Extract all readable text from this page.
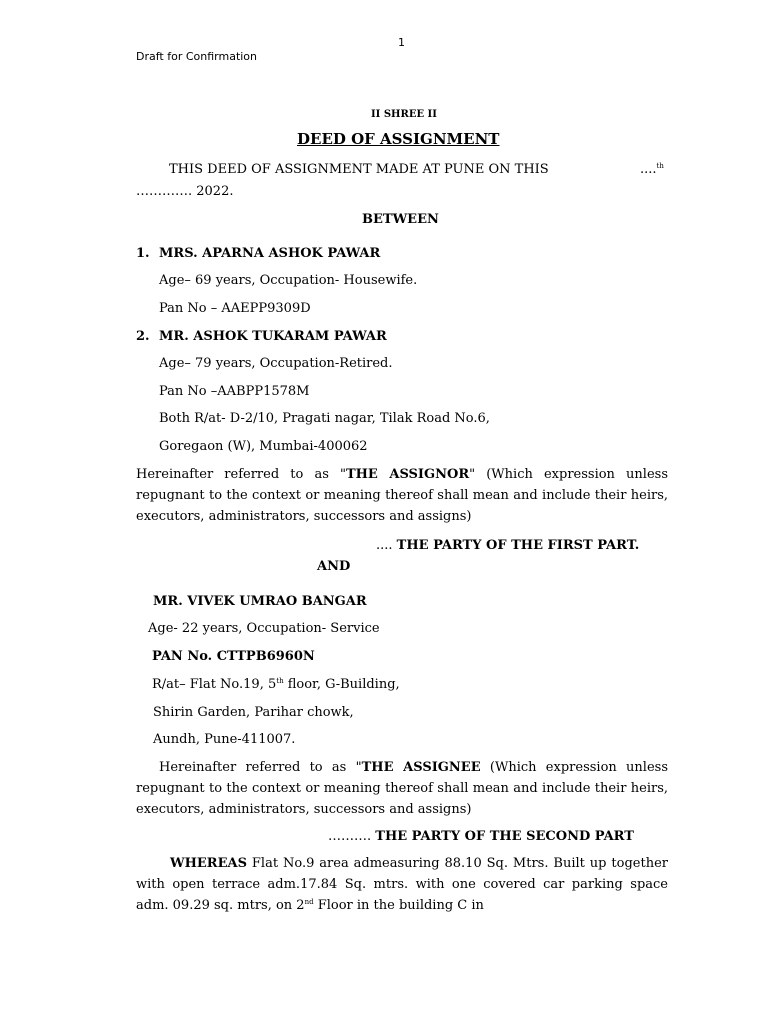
1
Draft for Confirmation
II SHREE II
DEED OF ASSIGNMENT
THIS DEED OF ASSIGNMENT MADE AT PUNE ON THIS	....$^{th}$
…………. 2022.
BETWEEN
1. MRS. APARNA ASHOK PAWAR
Age– 69 years, Occupation- Housewife.
Pan No – AAEPP9309D
2. MR. ASHOK TUKARAM PAWAR
Age– 79 years, Occupation-Retired.
Pan No –AABPP1578M
Both R/at- D-2/10, Pragati nagar, Tilak Road No.6,
Goregaon (W), Mumbai-400062
Hereinafter referred to as "THE ASSIGNOR" (Which expression unless repugnant to the context or meaning thereof shall mean and include their heirs, executors, administrators, successors and assigns)
.... THE PARTY OF THE FIRST PART.
AND
MR. VIVEK UMRAO BANGAR
Age- 22 years, Occupation- Service
PAN No. CTTPB6960N
R/at– Flat No.19, 5th floor, G-Building,
Shirin Garden, Parihar chowk,
Aundh, Pune-411007.
Hereinafter referred to as "THE ASSIGNEE (Which expression unless repugnant to the context or meaning thereof shall mean and include their heirs, executors, administrators, successors and assigns)
………. THE PARTY OF THE SECOND PART
WHEREAS Flat No.9 area admeasuring 88.10 Sq. Mtrs. Built up together with open terrace adm.17.84 Sq. mtrs. with one covered car parking space adm. 09.29 sq. mtrs, on 2nd Floor in the building C in
